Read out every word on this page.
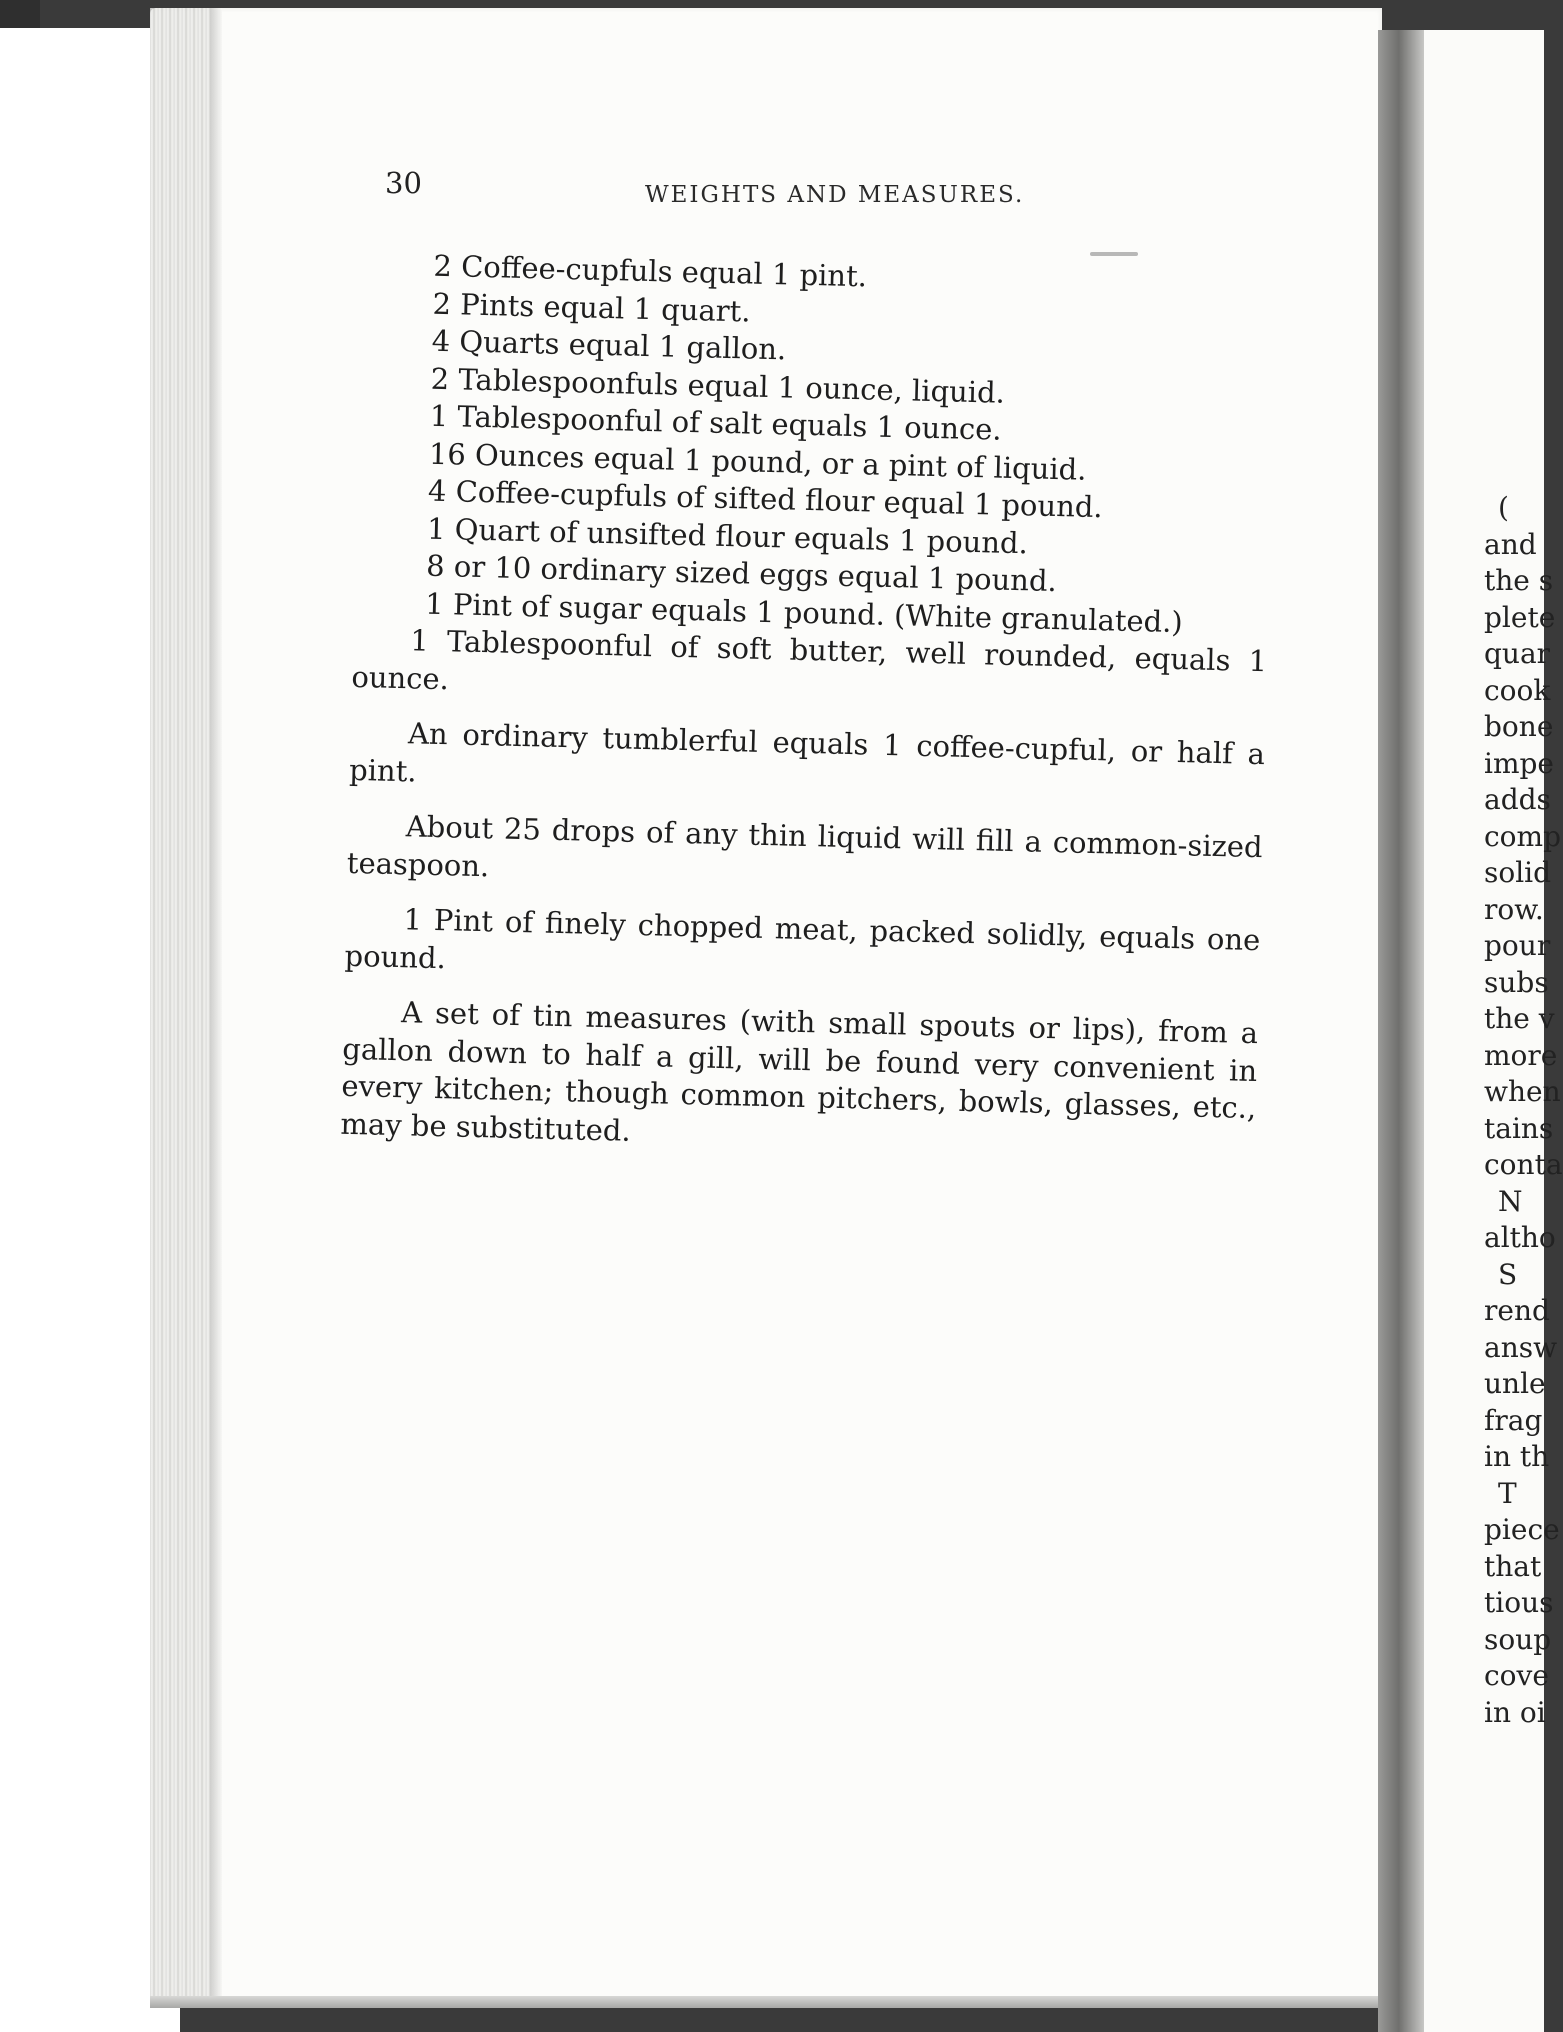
30	WEIGHTS AND MEASURES.

2 Coffee-cupfuls equal 1 pint.

2 Pints equal 1 quart.

4 Quarts equal 1 gallon.

2 Tablespoonfuls equal 1 ounce, liquid.

1 Tablespoonful of salt equals 1 ounce.

16 Ounces equal 1 pound, or a pint of liquid.

4 Coffee-cupfuls of sifted flour equal 1 pound.

1 Quart of unsifted flour equals 1 pound.

8 or 10 ordinary sized eggs equal 1 pound.

1 Pint of sugar equals 1 pound. (White granulated.)

1 Tablespoonful of soft butter, well rounded, equals 1 ounce.

An ordinary tumblerful equals 1 coffee-cupful, or half a pint.

About 25 drops of any thin liquid will fill a common-sized teaspoon.

1 Pint of finely chopped meat, packed solidly, equals one pound.

A set of tin measures (with small spouts or lips), from a gallon down to half a gill, will be found very convenient in every kitchen; though common pitchers, bowls, glasses, etc., may be substituted.

(
and
the s
plete
quar
cook
bone
impe
adds
comp
solid
row.
pour
subs
the v
more
when
tains
conta
N
altho
S
rend
answ
unle
frag
in th
T
piece
that
tious
soup
cove
in oi
